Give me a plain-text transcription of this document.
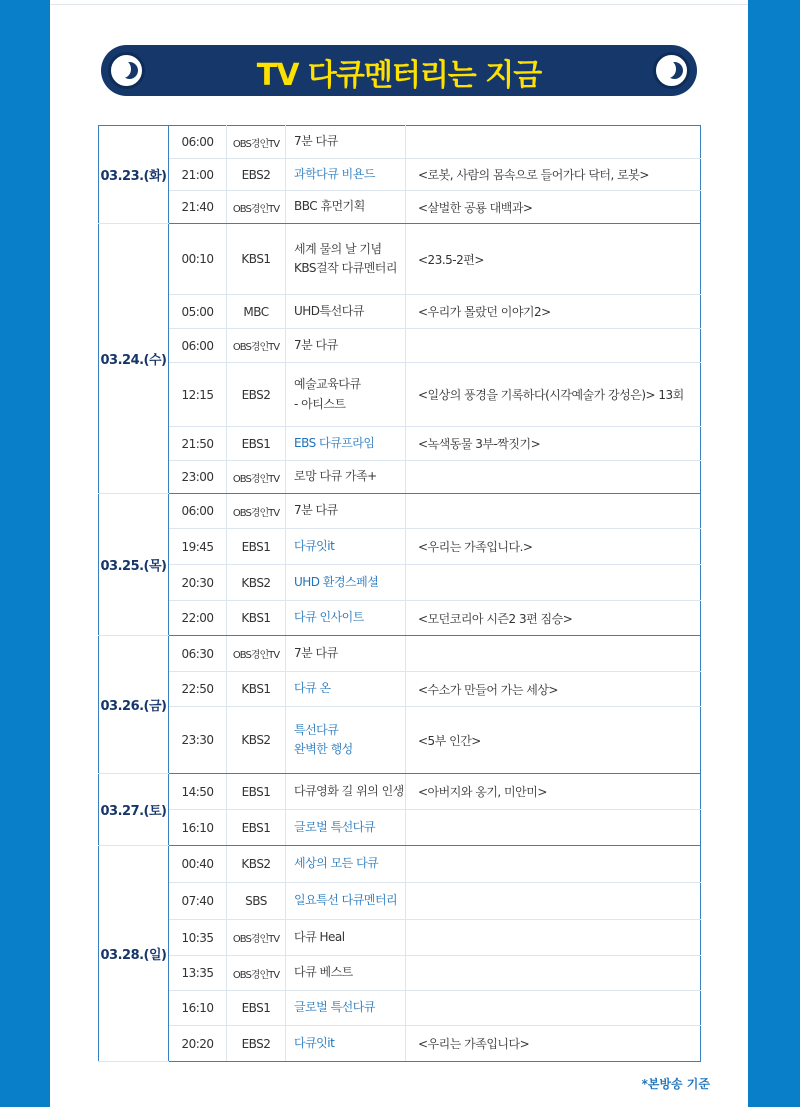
TV 다큐멘터리는 지금
03.23.(화)	06:00	OBS경인TV	7분 다큐	
	21:00	EBS2	과학다큐 비욘드	<로봇, 사람의 몸속으로 들어가다 닥터, 로봇>
	21:40	OBS경인TV	BBC 휴먼기획	<살벌한 공룡 대백과>
03.24.(수)	00:10	KBS1	세계 물의 날 기념
KBS걸작 다큐멘터리	<23.5-2편>
	05:00	MBC	UHD특선다큐	<우리가 몰랐던 이야기2>
	06:00	OBS경인TV	7분 다큐	
	12:15	EBS2	예술교육다큐
- 아티스트	<일상의 풍경을 기록하다(시각예술가 강성은)> 13회
	21:50	EBS1	EBS 다큐프라임	<녹색동물 3부-짝짓기>
	23:00	OBS경인TV	로망 다큐 가족+	
03.25.(목)	06:00	OBS경인TV	7분 다큐	
	19:45	EBS1	다큐잇it	<우리는 가족입니다.>
	20:30	KBS2	UHD 환경스페셜	
	22:00	KBS1	다큐 인사이트	<모던코리아 시즌2 3편 짐승>
03.26.(금)	06:30	OBS경인TV	7분 다큐	
	22:50	KBS1	다큐 온	<수소가 만들어 가는 세상>
	23:30	KBS2	특선다큐
완벽한 행성	<5부 인간>
03.27.(토)	14:50	EBS1	다큐영화 길 위의 인생	<아버지와 옹기, 미안미>
	16:10	EBS1	글로벌 특선다큐	
03.28.(일)	00:40	KBS2	세상의 모든 다큐	
	07:40	SBS	일요특선 다큐멘터리	
	10:35	OBS경인TV	다큐 Heal	
	13:35	OBS경인TV	다큐 베스트	
	16:10	EBS1	글로벌 특선다큐	
	20:20	EBS2	다큐잇it	<우리는 가족입니다>
*본방송 기준
